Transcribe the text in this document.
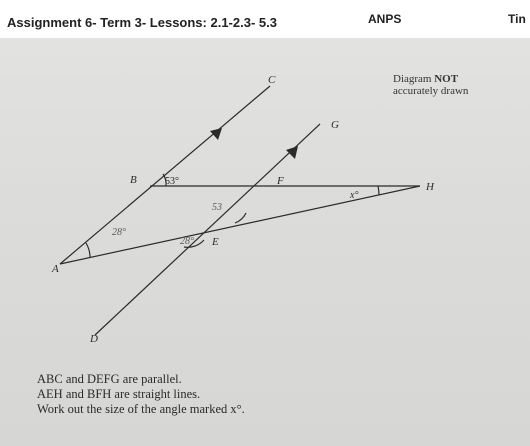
Assignment 6- Term 3- Lessons: 2.1-2.3- 5.3	ANPS	Tin
Diagram NOT
accurately drawn
A
B
C
D
E
F
G
H
53°
53
28°
28°
x°
ABC and DEFG are parallel.
AEH and BFH are straight lines.
Work out the size of the angle marked x°.
